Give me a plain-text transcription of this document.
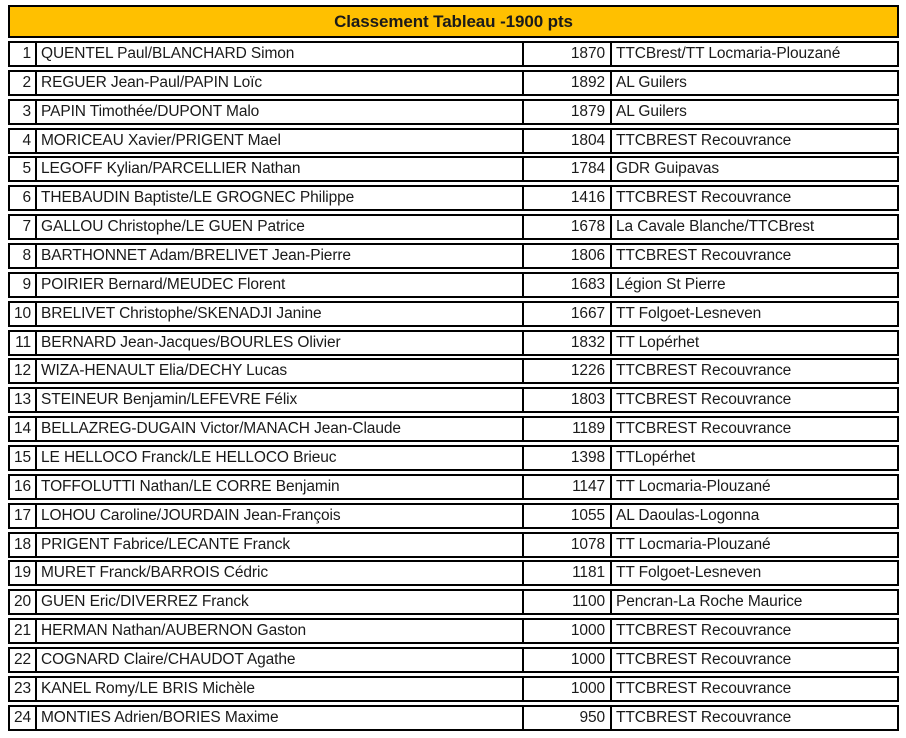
Classement Tableau -1900 pts
1 QUENTEL Paul/BLANCHARD Simon	1870 TTCBrest/TT Locmaria-Plouzané
2 REGUER Jean-Paul/PAPIN Loïc	1892 AL Guilers
3 PAPIN Timothée/DUPONT Malo	1879 AL Guilers
4 MORICEAU Xavier/PRIGENT Mael	1804 TTCBREST Recouvrance
5 LEGOFF Kylian/PARCELLIER Nathan	1784 GDR Guipavas
6 THEBAUDIN Baptiste/LE GROGNEC Philippe	1416 TTCBREST Recouvrance
7 GALLOU Christophe/LE GUEN Patrice	1678 La Cavale Blanche/TTCBrest
8 BARTHONNET Adam/BRELIVET Jean-Pierre	1806 TTCBREST Recouvrance
9 POIRIER Bernard/MEUDEC Florent	1683 Légion St Pierre
10 BRELIVET Christophe/SKENADJI Janine	1667 TT Folgoet-Lesneven
11 BERNARD Jean-Jacques/BOURLES Olivier	1832 TT Lopérhet
12 WIZA-HENAULT Elia/DECHY Lucas	1226 TTCBREST Recouvrance
13 STEINEUR Benjamin/LEFEVRE Félix	1803 TTCBREST Recouvrance
14 BELLAZREG-DUGAIN Victor/MANACH Jean-Claude	1189 TTCBREST Recouvrance
15 LE HELLOCO Franck/LE HELLOCO Brieuc	1398 TTLopérhet
16 TOFFOLUTTI Nathan/LE CORRE Benjamin	1147 TT Locmaria-Plouzané
17 LOHOU Caroline/JOURDAIN Jean-François	1055 AL Daoulas-Logonna
18 PRIGENT Fabrice/LECANTE Franck	1078 TT Locmaria-Plouzané
19 MURET Franck/BARROIS Cédric	1181 TT Folgoet-Lesneven
20 GUEN Eric/DIVERREZ Franck	1100 Pencran-La Roche Maurice
21 HERMAN Nathan/AUBERNON Gaston	1000 TTCBREST Recouvrance
22 COGNARD Claire/CHAUDOT Agathe	1000 TTCBREST Recouvrance
23 KANEL Romy/LE BRIS Michèle	1000 TTCBREST Recouvrance
24 MONTIES Adrien/BORIES Maxime	950 TTCBREST Recouvrance
